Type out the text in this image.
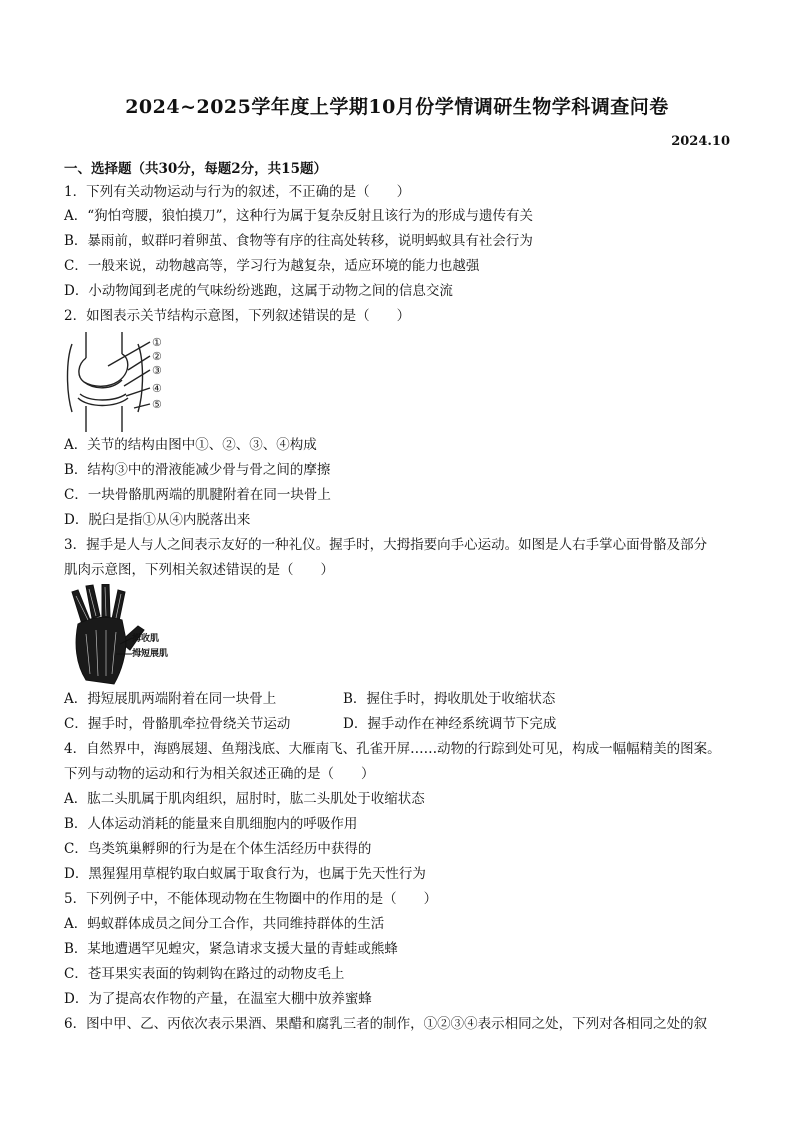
2024~2025学年度上学期10月份学情调研生物学科调查问卷
2024.10
一、选择题（共30分，每题2分，共15题）
1．下列有关动物运动与行为的叙述，不正确的是（　　）
A．“狗怕弯腰，狼怕摸刀”，这种行为属于复杂反射且该行为的形成与遗传有关
B．暴雨前，蚁群叼着卵茧、食物等有序的往高处转移，说明蚂蚁具有社会行为
C．一般来说，动物越高等，学习行为越复杂，适应环境的能力也越强
D．小动物闻到老虎的气味纷纷逃跑，这属于动物之间的信息交流
2．如图表示关节结构示意图，下列叙述错误的是（　　）
①
②
③
④
⑤
A．关节的结构由图中①、②、③、④构成
B．结构③中的滑液能减少骨与骨之间的摩擦
C．一块骨骼肌两端的肌腱附着在同一块骨上
D．脱臼是指①从④内脱落出来
3．握手是人与人之间表示友好的一种礼仪。握手时，大拇指要向手心运动。如图是人右手掌心面骨骼及部分
肌肉示意图，下列相关叙述错误的是（　　）
拇收肌
拇短展肌
A．拇短展肌两端附着在同一块骨上	B．握住手时，拇收肌处于收缩状态
C．握手时，骨骼肌牵拉骨绕关节运动	D．握手动作在神经系统调节下完成
4．自然界中，海鸥展翅、鱼翔浅底、大雁南飞、孔雀开屏……动物的行踪到处可见，构成一幅幅精美的图案。
下列与动物的运动和行为相关叙述正确的是（　　）
A．肱二头肌属于肌肉组织，屈肘时，肱二头肌处于收缩状态
B．人体运动消耗的能量来自肌细胞内的呼吸作用
C．鸟类筑巢孵卵的行为是在个体生活经历中获得的
D．黑猩猩用草棍钓取白蚁属于取食行为，也属于先天性行为
5．下列例子中，不能体现动物在生物圈中的作用的是（　　）
A．蚂蚁群体成员之间分工合作，共同维持群体的生活
B．某地遭遇罕见蝗灾，紧急请求支援大量的青蛙或熊蜂
C．苍耳果实表面的钩刺钩在路过的动物皮毛上
D．为了提高农作物的产量，在温室大棚中放养蜜蜂
6．图中甲、乙、丙依次表示果酒、果醋和腐乳三者的制作，①②③④表示相同之处，下列对各相同之处的叙
